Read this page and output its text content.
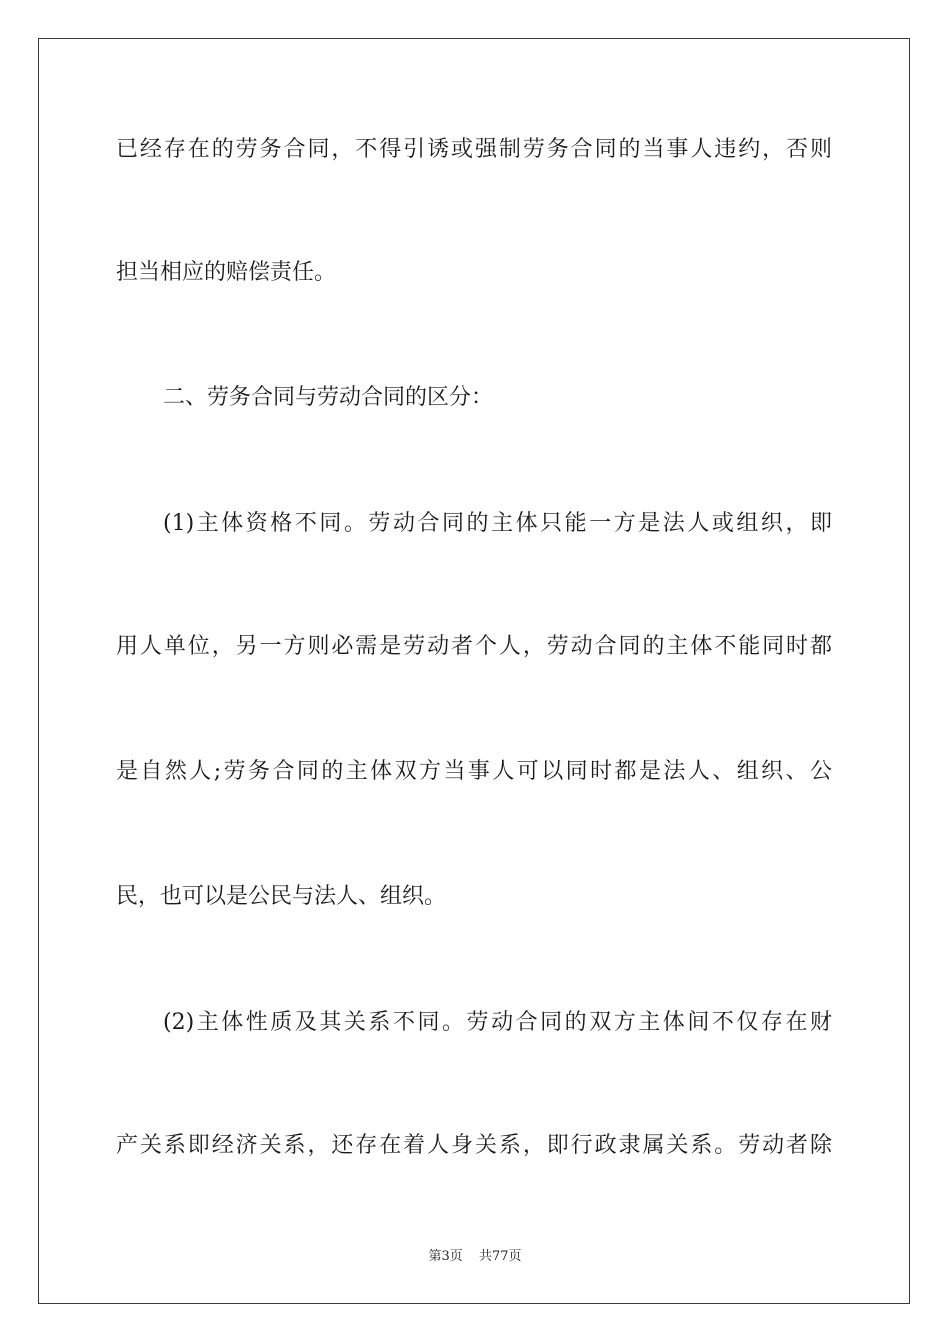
已经存在的劳务合同，不得引诱或强制劳务合同的当事人违约，否则
担当相应的赔偿责任。
二、劳务合同与劳动合同的区分：
(1)主体资格不同。劳动合同的主体只能一方是法人或组织，即
用人单位，另一方则必需是劳动者个人，劳动合同的主体不能同时都
是自然人;劳务合同的主体双方当事人可以同时都是法人、组织、公
民，也可以是公民与法人、组织。
(2)主体性质及其关系不同。劳动合同的双方主体间不仅存在财
产关系即经济关系，还存在着人身关系，即行政隶属关系。劳动者除
第3页 共77页
